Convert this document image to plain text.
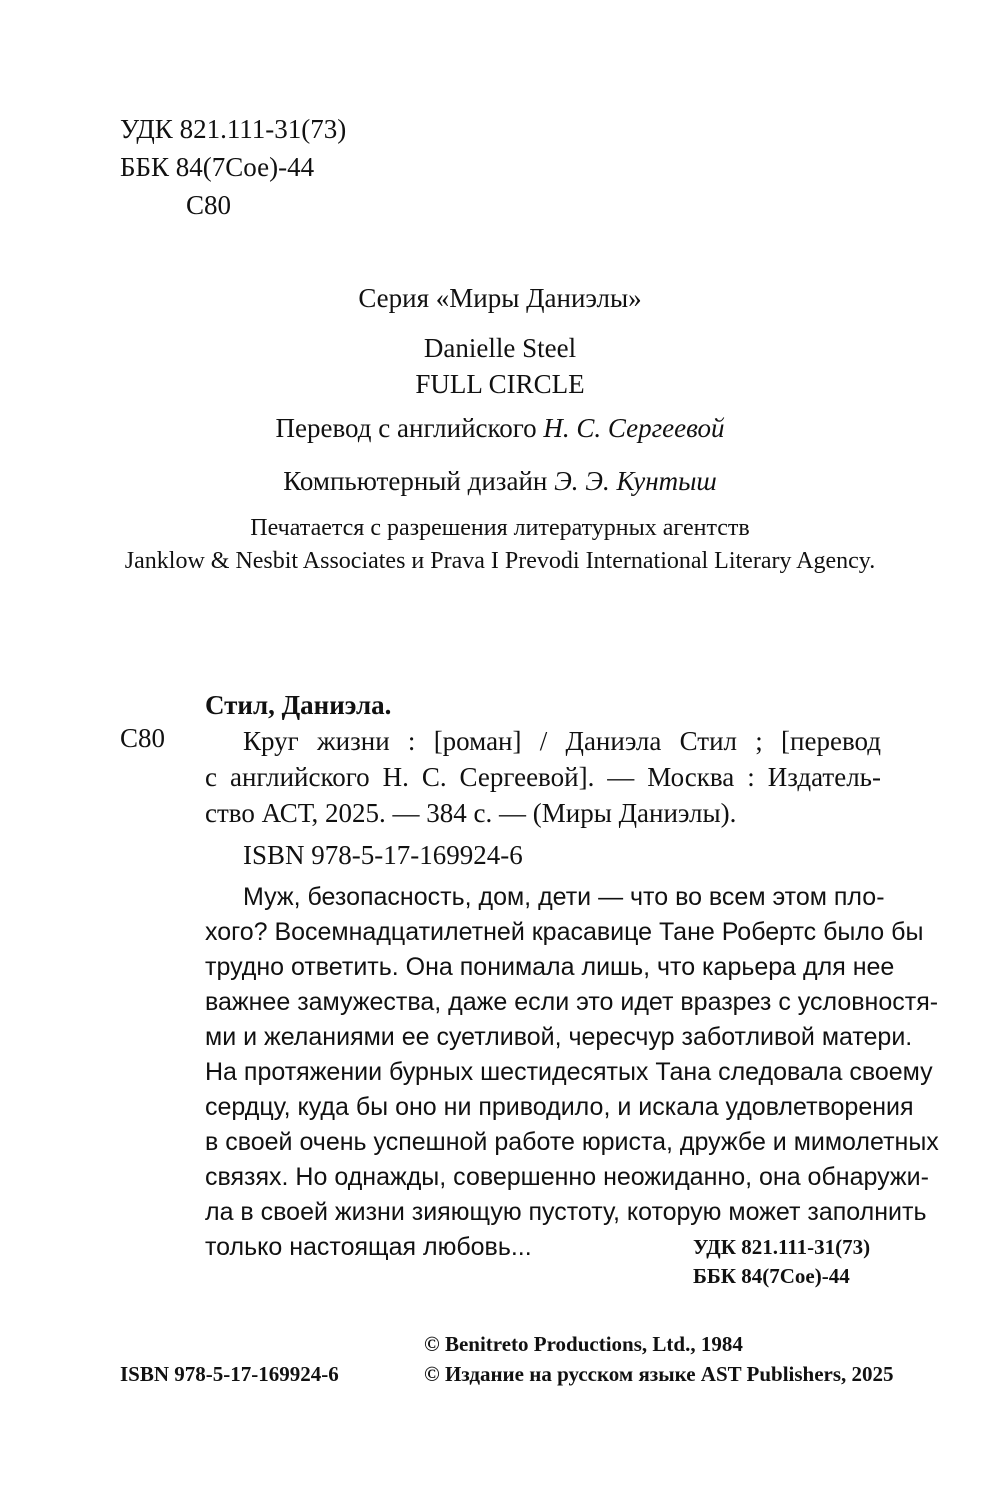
УДК 821.111-31(73)
ББК 84(7Сое)-44
С80
Серия «Миры Даниэлы»
Danielle Steel
FULL CIRCLE
Перевод с английского Н. С. Сергеевой
Компьютерный дизайн Э. Э. Кунтыш
Печатается с разрешения литературных агентств
Janklow & Nesbit Associates и Prava I Prevodi International Literary Agency.
Стил, Даниэла.
С80	Круг жизни : [роман] / Даниэла Стил ; [перевод
с английского Н. С. Сергеевой]. — Москва : Издатель-
ство АСТ, 2025. — 384 с. — (Миры Даниэлы).
ISBN 978-5-17-169924-6
Муж, безопасность, дом, дети — что во всем этом пло-
хого? Восемнадцатилетней красавице Тане Робертс было бы
трудно ответить. Она понимала лишь, что карьера для нее
важнее замужества, даже если это идет вразрез с условностя-
ми и желаниями ее суетливой, чересчур заботливой матери.
На протяжении бурных шестидесятых Тана следовала своему
сердцу, куда бы оно ни приводило, и искала удовлетворения
в своей очень успешной работе юриста, дружбе и мимолетных
связях. Но однажды, совершенно неожиданно, она обнаружи-
ла в своей жизни зияющую пустоту, которую может заполнить
только настоящая любовь...	УДК 821.111-31(73)
ББК 84(7Сое)-44
ISBN 978-5-17-169924-6
© Benitreto Productions, Ltd., 1984
© Издание на русском языке AST Publishers, 2025
